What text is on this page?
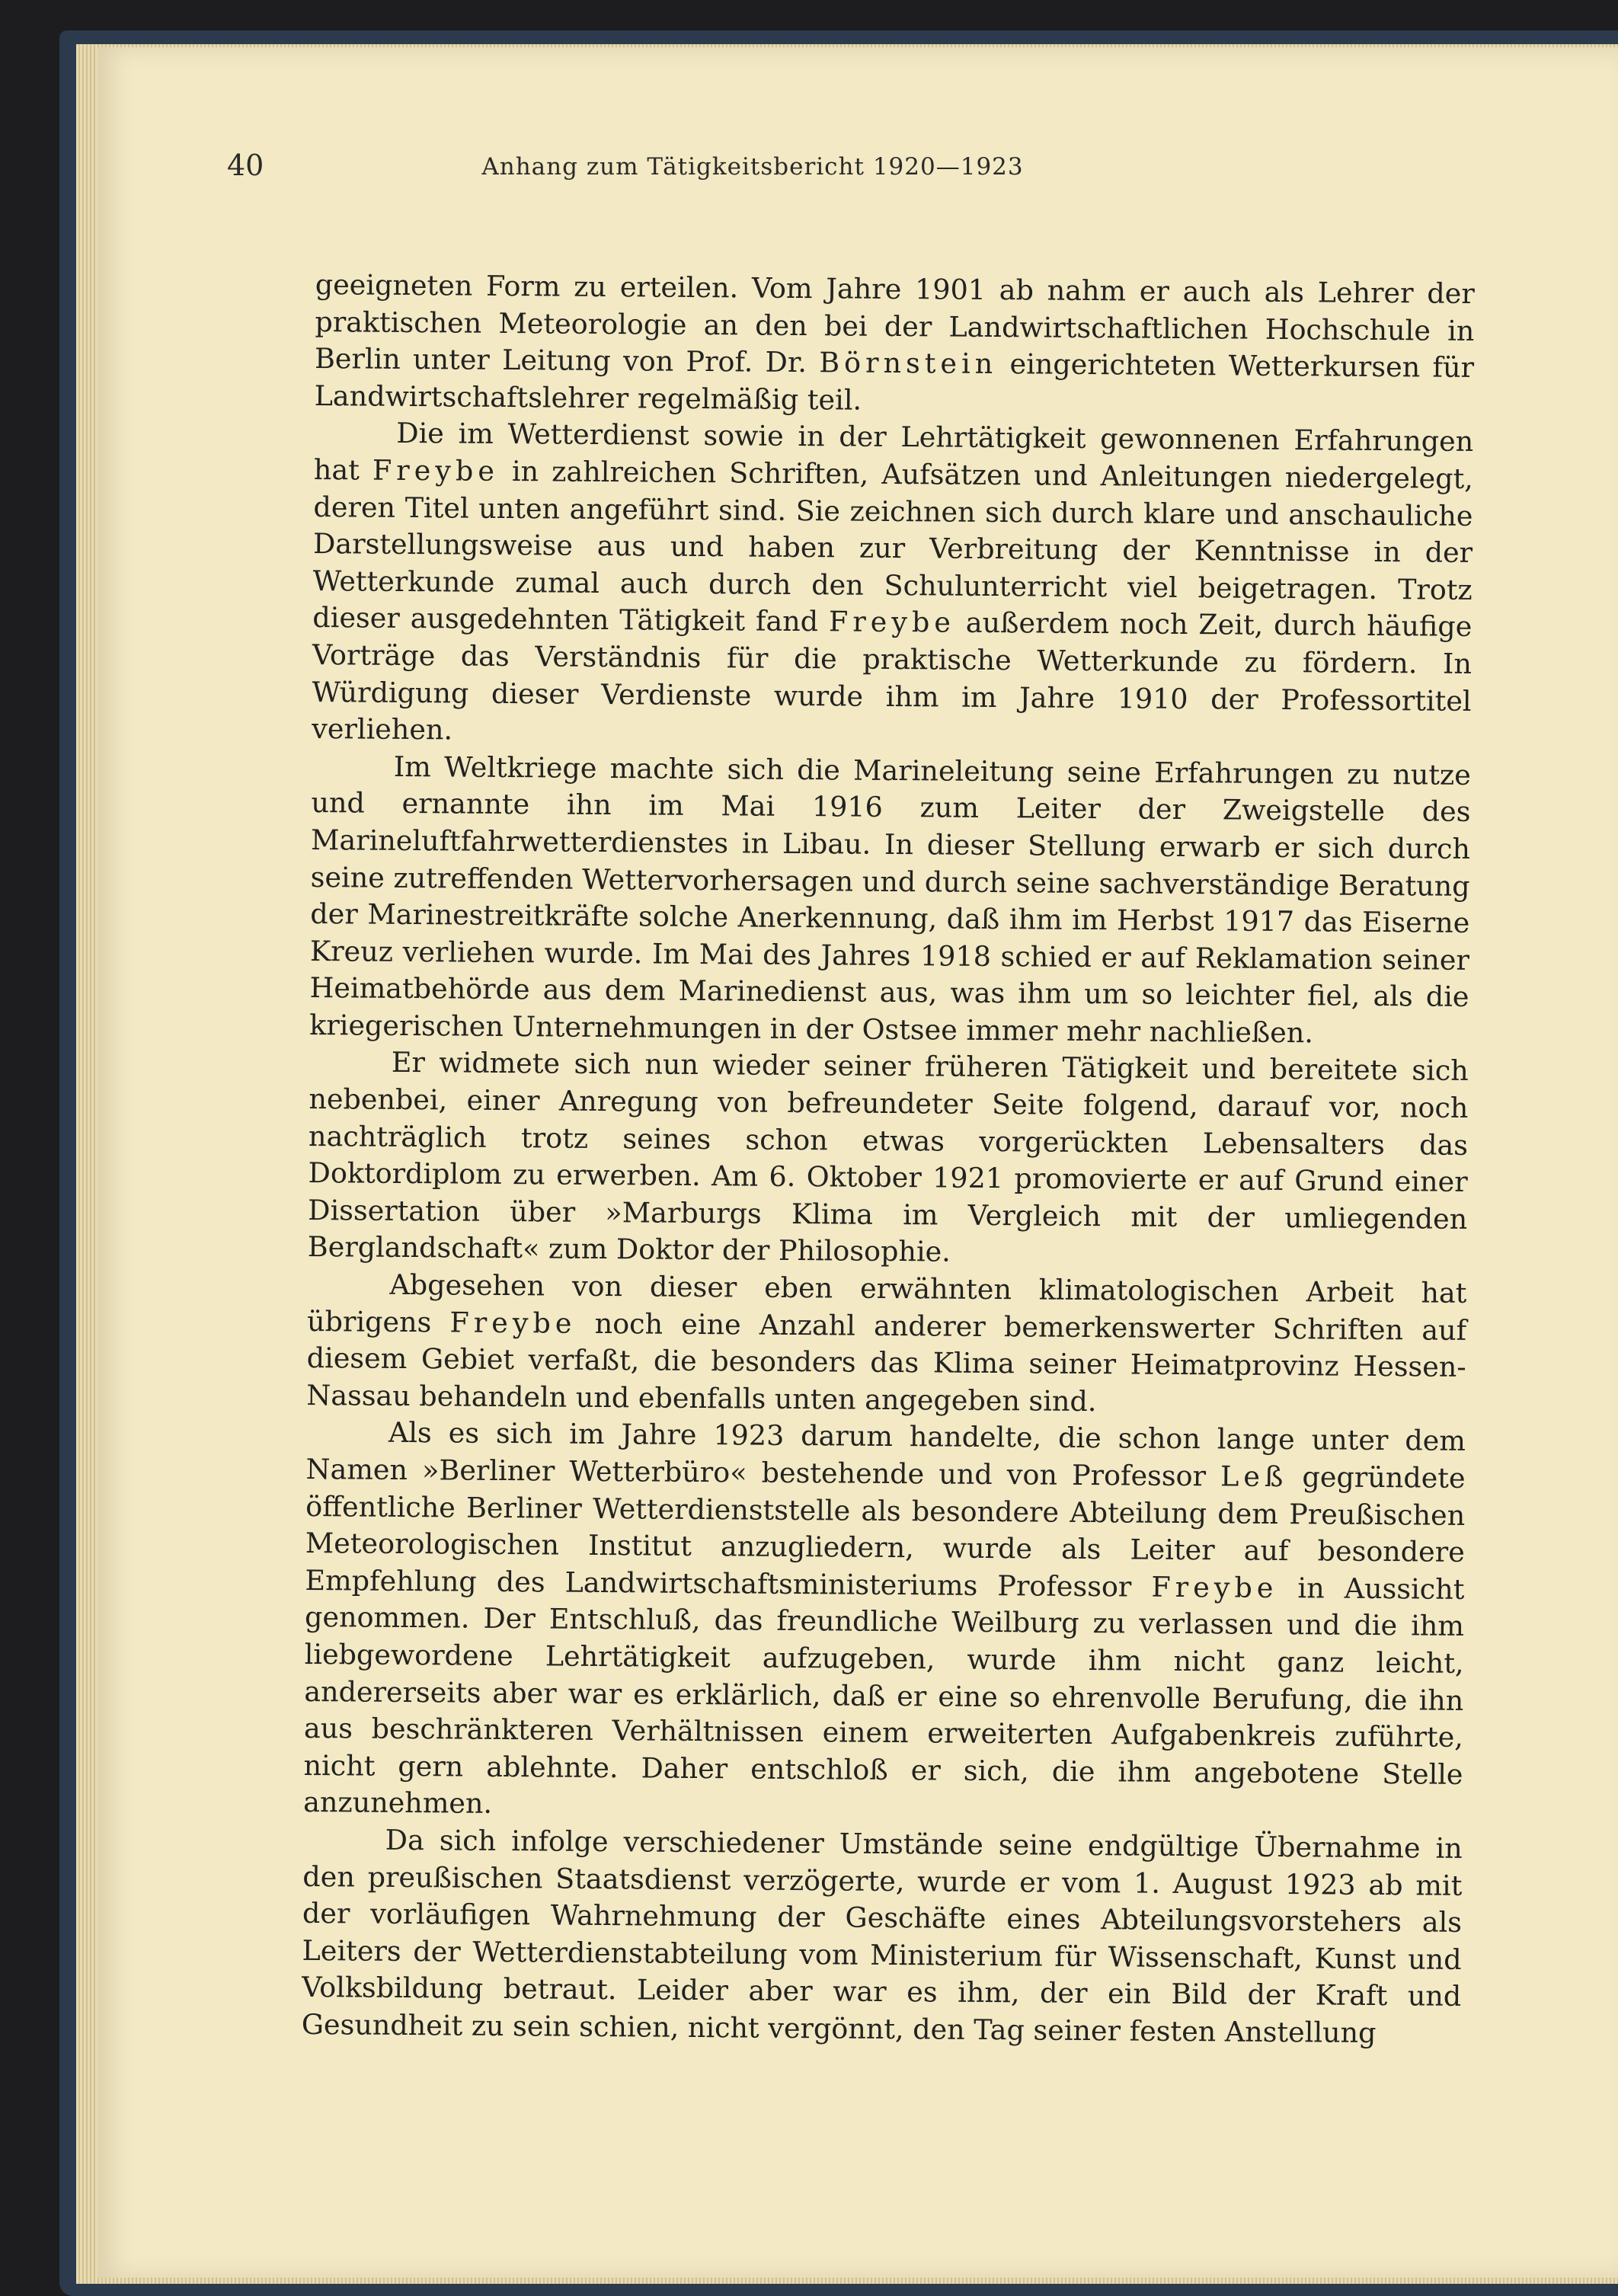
40	Anhang zum Tätigkeitsbericht 1920—1923

geeigneten Form zu erteilen. Vom Jahre 1901 ab nahm er auch als Lehrer der praktischen Meteorologie an den bei der Landwirtschaftlichen Hochschule in Berlin unter Leitung von Prof. Dr. Börnstein eingerichteten Wetterkursen für Landwirtschaftslehrer regelmäßig teil.

Die im Wetterdienst sowie in der Lehrtätigkeit gewonnenen Erfahrungen hat Freybe in zahlreichen Schriften, Aufsätzen und Anleitungen niedergelegt, deren Titel unten angeführt sind. Sie zeichnen sich durch klare und anschauliche Darstellungsweise aus und haben zur Verbreitung der Kenntnisse in der Wetterkunde zumal auch durch den Schulunterricht viel beigetragen. Trotz dieser ausgedehnten Tätigkeit fand Freybe außerdem noch Zeit, durch häufige Vorträge das Verständnis für die praktische Wetterkunde zu fördern. In Würdigung dieser Verdienste wurde ihm im Jahre 1910 der Professortitel verliehen.

Im Weltkriege machte sich die Marineleitung seine Erfahrungen zu nutze und ernannte ihn im Mai 1916 zum Leiter der Zweigstelle des Marineluftfahrwetterdienstes in Libau. In dieser Stellung erwarb er sich durch seine zutreffenden Wettervorhersagen und durch seine sachverständige Beratung der Marinestreitkräfte solche Anerkennung, daß ihm im Herbst 1917 das Eiserne Kreuz verliehen wurde. Im Mai des Jahres 1918 schied er auf Reklamation seiner Heimatbehörde aus dem Marinedienst aus, was ihm um so leichter fiel, als die kriegerischen Unternehmungen in der Ostsee immer mehr nachließen.

Er widmete sich nun wieder seiner früheren Tätigkeit und bereitete sich nebenbei, einer Anregung von befreundeter Seite folgend, darauf vor, noch nachträglich trotz seines schon etwas vorgerückten Lebensalters das Doktordiplom zu erwerben. Am 6. Oktober 1921 promovierte er auf Grund einer Dissertation über »Marburgs Klima im Vergleich mit der umliegenden Berglandschaft« zum Doktor der Philosophie.

Abgesehen von dieser eben erwähnten klimatologischen Arbeit hat übrigens Freybe noch eine Anzahl anderer bemerkenswerter Schriften auf diesem Gebiet verfaßt, die besonders das Klima seiner Heimatprovinz Hessen-Nassau behandeln und ebenfalls unten angegeben sind.

Als es sich im Jahre 1923 darum handelte, die schon lange unter dem Namen »Berliner Wetterbüro« bestehende und von Professor Leß gegründete öffentliche Berliner Wetterdienststelle als besondere Abteilung dem Preußischen Meteorologischen Institut anzugliedern, wurde als Leiter auf besondere Empfehlung des Landwirtschaftsministeriums Professor Freybe in Aussicht genommen. Der Entschluß, das freundliche Weilburg zu verlassen und die ihm liebgewordene Lehrtätigkeit aufzugeben, wurde ihm nicht ganz leicht, andererseits aber war es erklärlich, daß er eine so ehrenvolle Berufung, die ihn aus beschränkteren Verhältnissen einem erweiterten Aufgabenkreis zuführte, nicht gern ablehnte. Daher entschloß er sich, die ihm angebotene Stelle anzunehmen.

Da sich infolge verschiedener Umstände seine endgültige Übernahme in den preußischen Staatsdienst verzögerte, wurde er vom 1. August 1923 ab mit der vorläufigen Wahrnehmung der Geschäfte eines Abteilungsvorstehers als Leiters der Wetterdienstabteilung vom Ministerium für Wissenschaft, Kunst und Volksbildung betraut. Leider aber war es ihm, der ein Bild der Kraft und Gesundheit zu sein schien, nicht vergönnt, den Tag seiner festen Anstellung
